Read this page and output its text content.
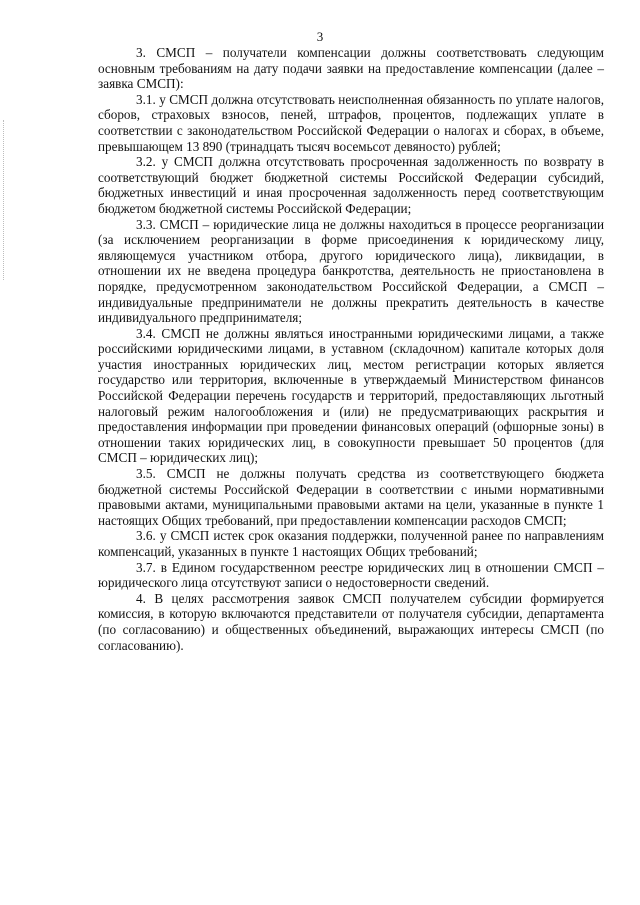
3

3. СМСП – получатели компенсации должны соответствовать следующим основным требованиям на дату подачи заявки на предоставление компенсации (далее – заявка СМСП):

3.1. у СМСП должна отсутствовать неисполненная обязанность по уплате налогов, сборов, страховых взносов, пеней, штрафов, процентов, подлежащих уплате в соответствии с законодательством Российской Федерации о налогах и сборах, в объеме, превышающем 13 890 (тринадцать тысяч восемьсот девяносто) рублей;

3.2. у СМСП должна отсутствовать просроченная задолженность по возврату в соответствующий бюджет бюджетной системы Российской Федерации субсидий, бюджетных инвестиций и иная просроченная задолженность перед соответствующим бюджетом бюджетной системы Российской Федерации;

3.3. СМСП – юридические лица не должны находиться в процессе реорганизации (за исключением реорганизации в форме присоединения к юридическому лицу, являющемуся участником отбора, другого юридического лица), ликвидации, в отношении их не введена процедура банкротства, деятельность не приостановлена в порядке, предусмотренном законодательством Российской Федерации, а СМСП – индивидуальные предприниматели не должны прекратить деятельность в качестве индивидуального предпринимателя;

3.4. СМСП не должны являться иностранными юридическими лицами, а также российскими юридическими лицами, в уставном (складочном) капитале которых доля участия иностранных юридических лиц, местом регистрации которых является государство или территория, включенные в утверждаемый Министерством финансов Российской Федерации перечень государств и территорий, предоставляющих льготный налоговый режим налогообложения и (или) не предусматривающих раскрытия и предоставления информации при проведении финансовых операций (офшорные зоны) в отношении таких юридических лиц, в совокупности превышает 50 процентов (для СМСП – юридических лиц);

3.5. СМСП не должны получать средства из соответствующего бюджета бюджетной системы Российской Федерации в соответствии с иными нормативными правовыми актами, муниципальными правовыми актами на цели, указанные в пункте 1 настоящих Общих требований, при предоставлении компенсации расходов СМСП;

3.6. у СМСП истек срок оказания поддержки, полученной ранее по направлениям компенсаций, указанных в пункте 1 настоящих Общих требований;

3.7. в Едином государственном реестре юридических лиц в отношении СМСП – юридического лица отсутствуют записи о недостоверности сведений.

4. В целях рассмотрения заявок СМСП получателем субсидии формируется комиссия, в которую включаются представители от получателя субсидии, департамента (по согласованию) и общественных объединений, выражающих интересы СМСП (по согласованию).
